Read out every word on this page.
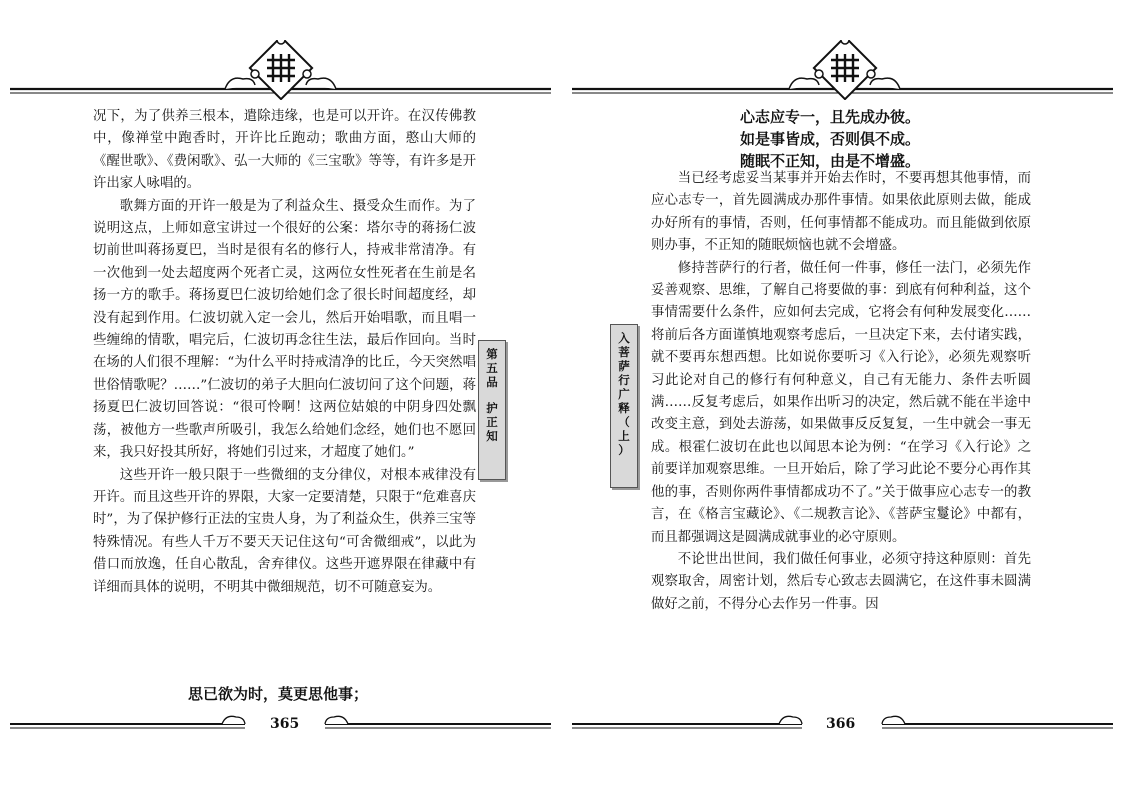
况下，为了供养三根本，遣除违缘，也是可以开许。在汉传佛教中，像禅堂中跑香时，开许比丘跑动；歌曲方面，憨山大师的《醒世歌》、《费闲歌》、弘一大师的《三宝歌》等等，有许多是开许出家人咏唱的。

歌舞方面的开许一般是为了利益众生、摄受众生而作。为了说明这点，上师如意宝讲过一个很好的公案：塔尔寺的蒋扬仁波切前世叫蒋扬夏巴，当时是很有名的修行人，持戒非常清净。有一次他到一处去超度两个死者亡灵，这两位女性死者在生前是名扬一方的歌手。蒋扬夏巴仁波切给她们念了很长时间超度经，却没有起到作用。仁波切就入定一会儿，然后开始唱歌，而且唱一些缠绵的情歌，唱完后，仁波切再念往生法，最后作回向。当时在场的人们很不理解：“为什么平时持戒清净的比丘，今天突然唱世俗情歌呢？……”仁波切的弟子大胆向仁波切问了这个问题，蒋扬夏巴仁波切回答说：“很可怜啊！这两位姑娘的中阴身四处飘荡，被他方一些歌声所吸引，我怎么给她们念经，她们也不愿回来，我只好投其所好，将她们引过来，才超度了她们。”

这些开许一般只限于一些微细的支分律仪，对根本戒律没有开许。而且这些开许的界限，大家一定要清楚，只限于“危难喜庆时”，为了保护修行正法的宝贵人身，为了利益众生，供养三宝等特殊情况。有些人千万不要天天记住这句“可舍微细戒”，以此为借口而放逸，任自心散乱，舍弃律仪。这些开遮界限在律藏中有详细而具体的说明，不明其中微细规范，切不可随意妄为。

思已欲为时，莫更思他事；
第
五
品
护
正
知
365	366
心志应专一，且先成办彼。
如是事皆成，否则俱不成。
随眠不正知，由是不增盛。

当已经考虑妥当某事并开始去作时，不要再想其他事情，而应心志专一，首先圆满成办那件事情。如果依此原则去做，能成办好所有的事情，否则，任何事情都不能成功。而且能做到依原则办事，不正知的随眠烦恼也就不会增盛。

修持菩萨行的行者，做任何一件事，修任一法门，必须先作妥善观察、思维，了解自己将要做的事：到底有何种利益，这个事情需要什么条件，应如何去完成，它将会有何种发展变化……将前后各方面谨慎地观察考虑后，一旦决定下来，去付诸实践，就不要再东想西想。比如说你要听习《入行论》，必须先观察听习此论对自己的修行有何种意义，自己有无能力、条件去听圆满……反复考虑后，如果作出听习的决定，然后就不能在半途中改变主意，到处去游荡，如果做事反反复复，一生中就会一事无成。根霍仁波切在此也以闻思本论为例：“在学习《入行论》之前要详加观察思维。一旦开始后，除了学习此论不要分心再作其他的事，否则你两件事情都成功不了。”关于做事应心志专一的教言，在《格言宝藏论》、《二规教言论》、《菩萨宝鬘论》中都有，而且都强调这是圆满成就事业的必守原则。

不论世出世间，我们做任何事业，必须守持这种原则：首先观察取舍，周密计划，然后专心致志去圆满它，在这件事未圆满做好之前，不得分心去作另一件事。因

入
菩
萨
行
广
释
（
上
）
